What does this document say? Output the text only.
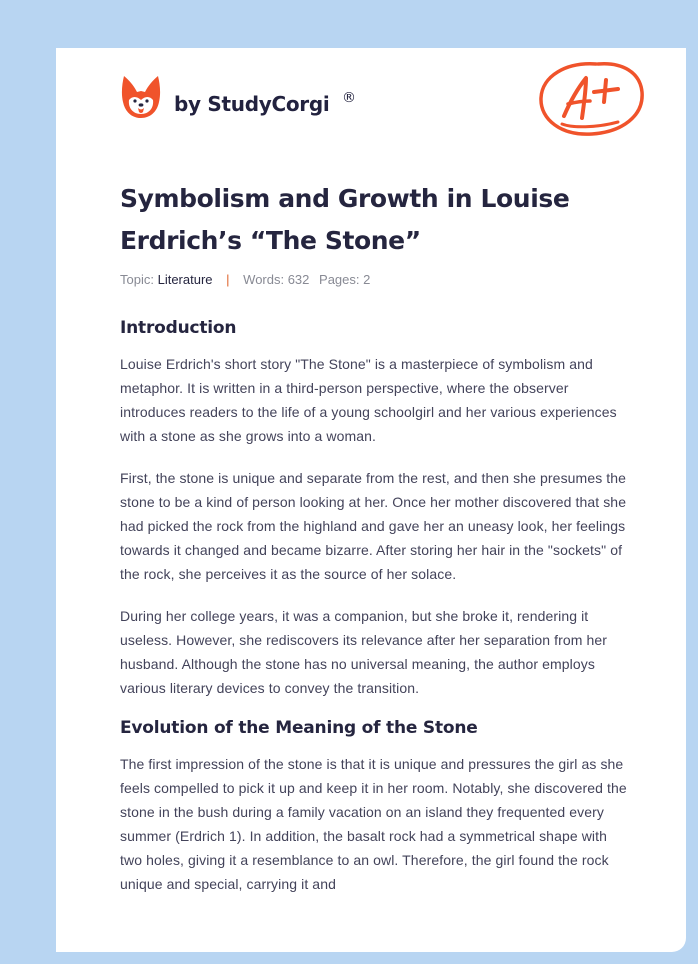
by StudyCorgi ®
Symbolism and Growth in Louise Erdrich’s “The Stone”
Topic: Literature | Words: 632 Pages: 2
Introduction

Louise Erdrich's short story "The Stone" is a masterpiece of symbolism and metaphor. It is written in a third-person perspective, where the observer introduces readers to the life of a young schoolgirl and her various experiences with a stone as she grows into a woman.

First, the stone is unique and separate from the rest, and then she presumes the stone to be a kind of person looking at her. Once her mother discovered that she had picked the rock from the highland and gave her an uneasy look, her feelings towards it changed and became bizarre. After storing her hair in the "sockets" of the rock, she perceives it as the source of her solace.

During her college years, it was a companion, but she broke it, rendering it useless. However, she rediscovers its relevance after her separation from her husband. Although the stone has no universal meaning, the author employs various literary devices to convey the transition.

Evolution of the Meaning of the Stone

The first impression of the stone is that it is unique and pressures the girl as she feels compelled to pick it up and keep it in her room. Notably, she discovered the stone in the bush during a family vacation on an island they frequented every summer (Erdrich 1). In addition, the basalt rock had a symmetrical shape with two holes, giving it a resemblance to an owl. Therefore, the girl found the rock unique and special, carrying it and
